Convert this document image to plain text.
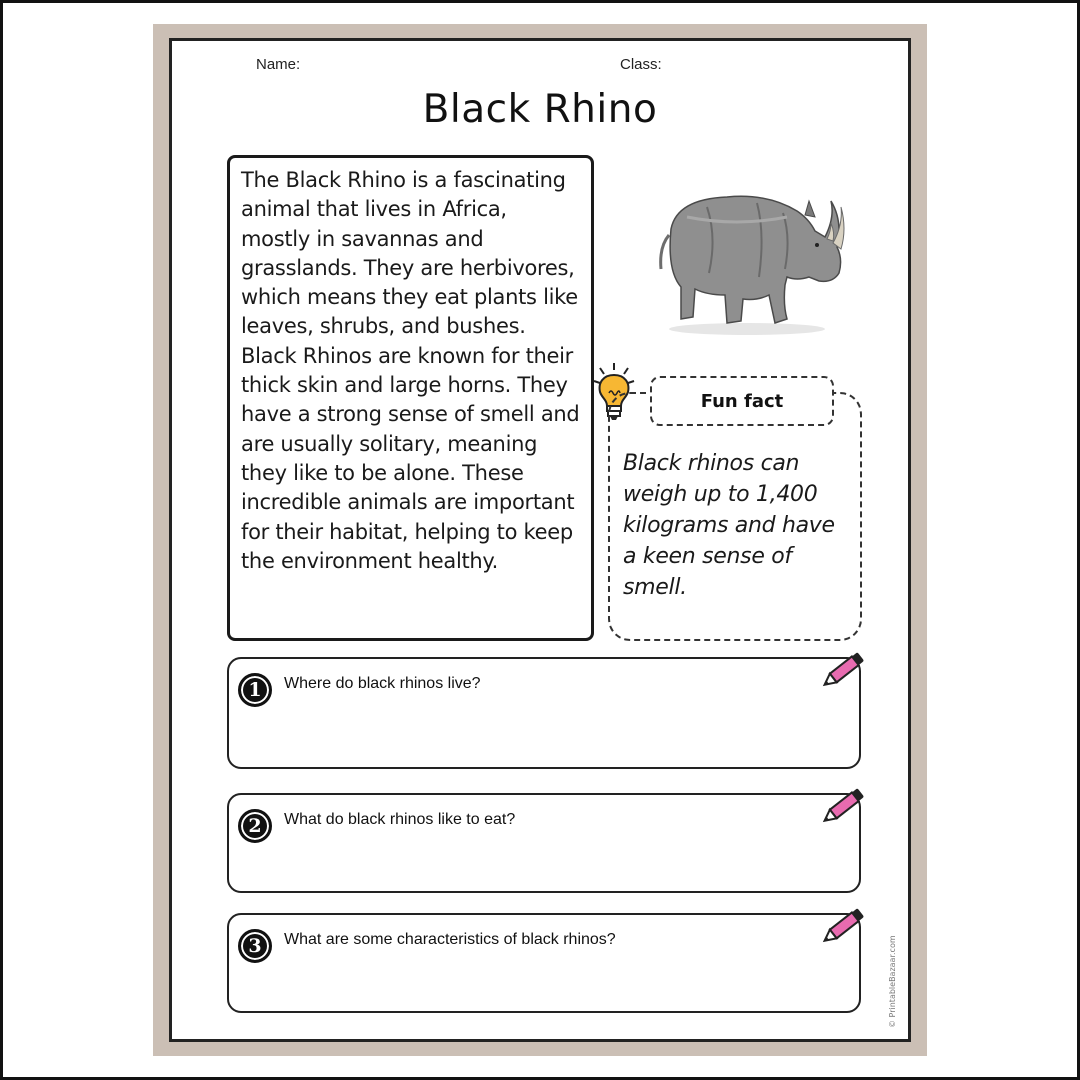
Name:	Class:
Black Rhino

The Black Rhino is a fascinating animal that lives in Africa, mostly in savannas and grasslands. They are herbivores, which means they eat plants like leaves, shrubs, and bushes. Black Rhinos are known for their thick skin and large horns. They have a strong sense of smell and are usually solitary, meaning they like to be alone. These incredible animals are important for their habitat, helping to keep the environment healthy.

Black rhinos can weigh up to 1,400 kilograms and have a keen sense of smell.

Fun fact
1	Where do black rhinos live?
2	What do black rhinos like to eat?
3	What are some characteristics of black rhinos?	© PrintableBazaar.com
